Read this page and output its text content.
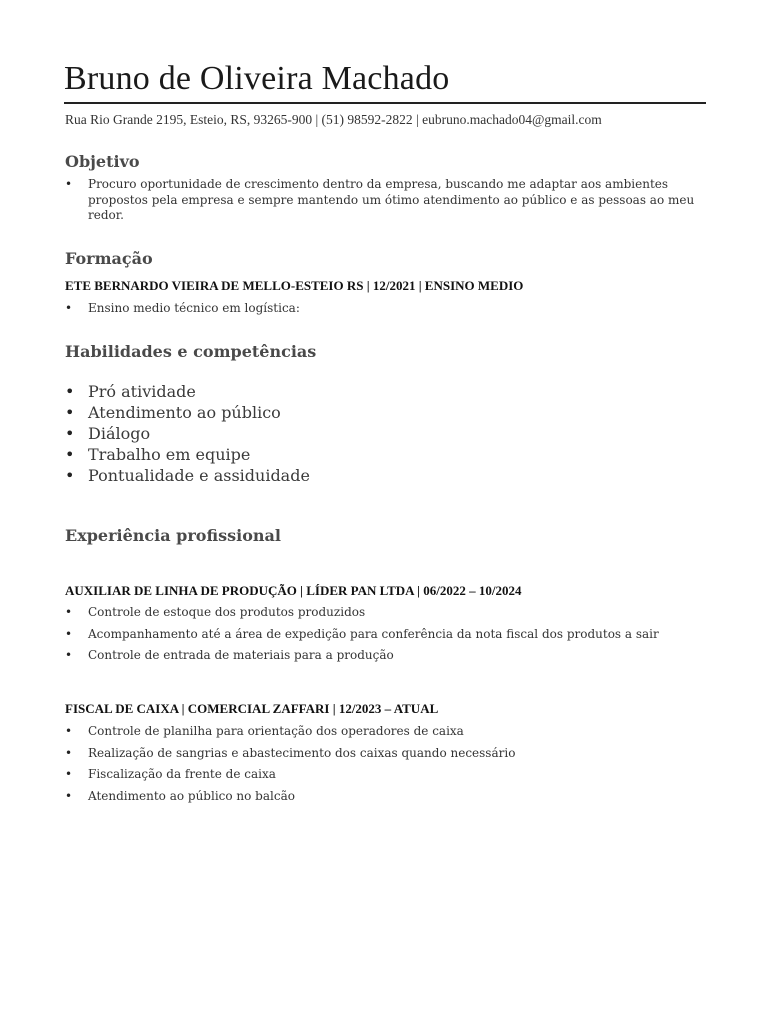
Bruno de Oliveira Machado
Rua Rio Grande 2195, Esteio, RS, 93265-900 | (51) 98592-2822 | eubruno.machado04@gmail.com
Objetivo
• Procuro oportunidade de crescimento dentro da empresa, buscando me adaptar aos ambientes propostos pela empresa e sempre mantendo um ótimo atendimento ao público e as pessoas ao meu redor.
Formação
ETE BERNARDO VIEIRA DE MELLO-ESTEIO RS | 12/2021 | ENSINO MEDIO
• Ensino medio técnico em logística:
Habilidades e competências
• Pró atividade
• Atendimento ao público
• Diálogo
• Trabalho em equipe
• Pontualidade e assiduidade
Experiência profissional
AUXILIAR DE LINHA DE PRODUÇÃO | LÍDER PAN LTDA | 06/2022 – 10/2024
• Controle de estoque dos produtos produzidos
• Acompanhamento até a área de expedição para conferência da nota fiscal dos produtos a sair
• Controle de entrada de materiais para a produção
FISCAL DE CAIXA | COMERCIAL ZAFFARI | 12/2023 – ATUAL
• Controle de planilha para orientação dos operadores de caixa
• Realização de sangrias e abastecimento dos caixas quando necessário
• Fiscalização da frente de caixa
• Atendimento ao público no balcão
